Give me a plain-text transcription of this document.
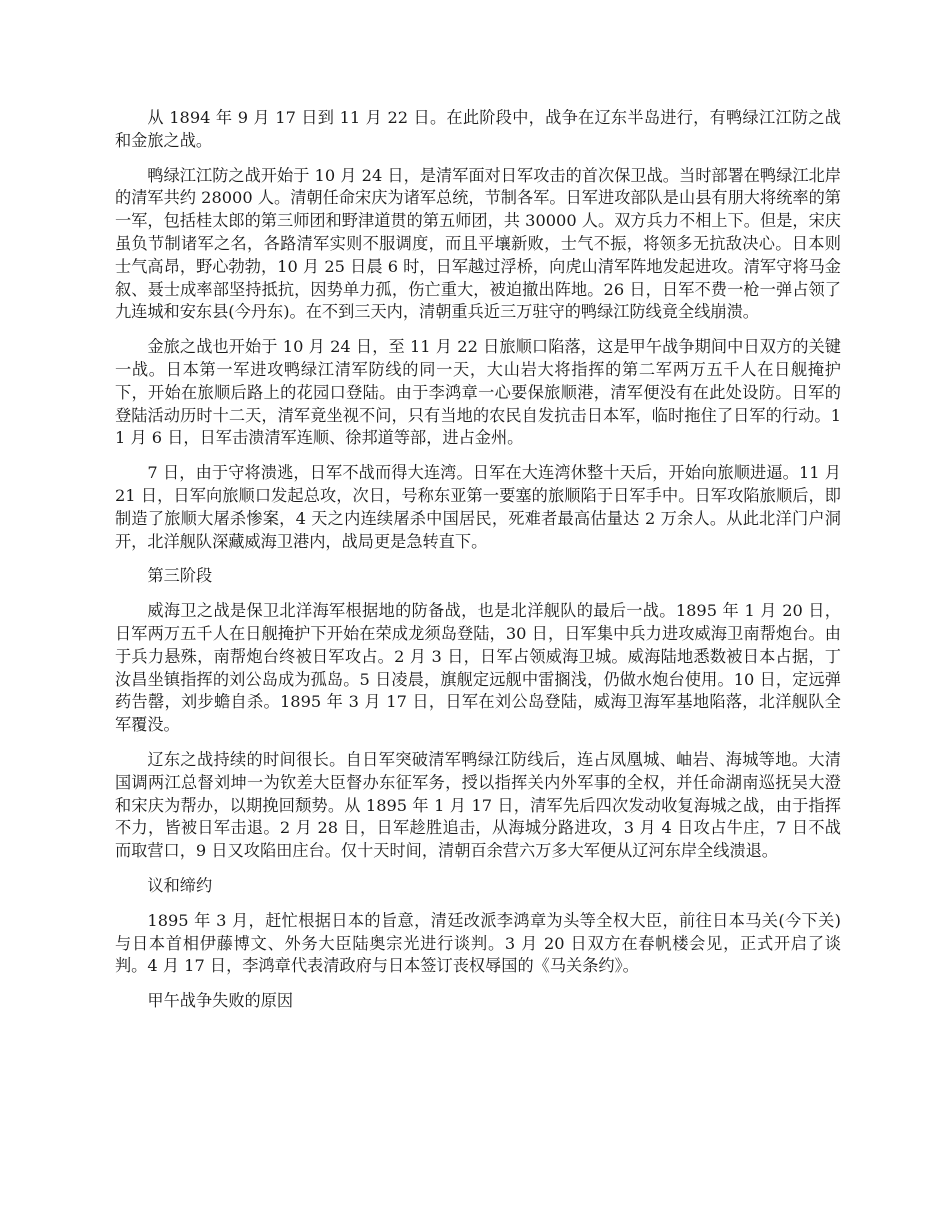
从 1894 年 9 月 17 日到 11 月 22 日。在此阶段中，战争在辽东半岛进行，有鸭绿江江防之战和金旅之战。

鸭绿江江防之战开始于 10 月 24 日，是清军面对日军攻击的首次保卫战。当时部署在鸭绿江北岸的清军共约 28000 人。清朝任命宋庆为诸军总统，节制各军。日军进攻部队是山县有朋大将统率的第一军，包括桂太郎的第三师团和野津道贯的第五师团，共 30000 人。双方兵力不相上下。但是，宋庆虽负节制诸军之名，各路清军实则不服调度，而且平壤新败，士气不振，将领多无抗敌决心。日本则士气高昂，野心勃勃，10 月 25 日晨 6 时，日军越过浮桥，向虎山清军阵地发起进攻。清军守将马金叙、聂士成率部坚持抵抗，因势单力孤，伤亡重大，被迫撤出阵地。26 日，日军不费一枪一弹占领了九连城和安东县(今丹东)。在不到三天内，清朝重兵近三万驻守的鸭绿江防线竟全线崩溃。

金旅之战也开始于 10 月 24 日，至 11 月 22 日旅顺口陷落，这是甲午战争期间中日双方的关键一战。日本第一军进攻鸭绿江清军防线的同一天，大山岩大将指挥的第二军两万五千人在日舰掩护下，开始在旅顺后路上的花园口登陆。由于李鸿章一心要保旅顺港，清军便没有在此处设防。日军的登陆活动历时十二天，清军竟坐视不问，只有当地的农民自发抗击日本军，临时拖住了日军的行动。11 月 6 日，日军击溃清军连顺、徐邦道等部，进占金州。

7 日，由于守将溃逃，日军不战而得大连湾。日军在大连湾休整十天后，开始向旅顺进逼。11 月 21 日，日军向旅顺口发起总攻，次日，号称东亚第一要塞的旅顺陷于日军手中。日军攻陷旅顺后，即制造了旅顺大屠杀惨案，4 天之内连续屠杀中国居民，死难者最高估量达 2 万余人。从此北洋门户洞开，北洋舰队深藏威海卫港内，战局更是急转直下。

第三阶段

威海卫之战是保卫北洋海军根据地的防备战，也是北洋舰队的最后一战。1895 年 1 月 20 日，日军两万五千人在日舰掩护下开始在荣成龙须岛登陆，30 日，日军集中兵力进攻威海卫南帮炮台。由于兵力悬殊，南帮炮台终被日军攻占。2 月 3 日，日军占领威海卫城。威海陆地悉数被日本占据，丁汝昌坐镇指挥的刘公岛成为孤岛。5 日凌晨，旗舰定远舰中雷搁浅，仍做水炮台使用。10 日，定远弹药告罄，刘步蟾自杀。1895 年 3 月 17 日，日军在刘公岛登陆，威海卫海军基地陷落，北洋舰队全军覆没。

辽东之战持续的时间很长。自日军突破清军鸭绿江防线后，连占凤凰城、岫岩、海城等地。大清国调两江总督刘坤一为钦差大臣督办东征军务，授以指挥关内外军事的全权，并任命湖南巡抚吴大澄和宋庆为帮办，以期挽回颓势。从 1895 年 1 月 17 日，清军先后四次发动收复海城之战，由于指挥不力，皆被日军击退。2 月 28 日，日军趁胜追击，从海城分路进攻，3 月 4 日攻占牛庄，7 日不战而取营口，9 日又攻陷田庄台。仅十天时间，清朝百余营六万多大军便从辽河东岸全线溃退。

议和缔约

1895 年 3 月，赶忙根据日本的旨意，清廷改派李鸿章为头等全权大臣，前往日本马关(今下关)与日本首相伊藤博文、外务大臣陆奥宗光进行谈判。3 月 20 日双方在春帆楼会见，正式开启了谈判。4 月 17 日，李鸿章代表清政府与日本签订丧权辱国的《马关条约》。

甲午战争失败的原因
